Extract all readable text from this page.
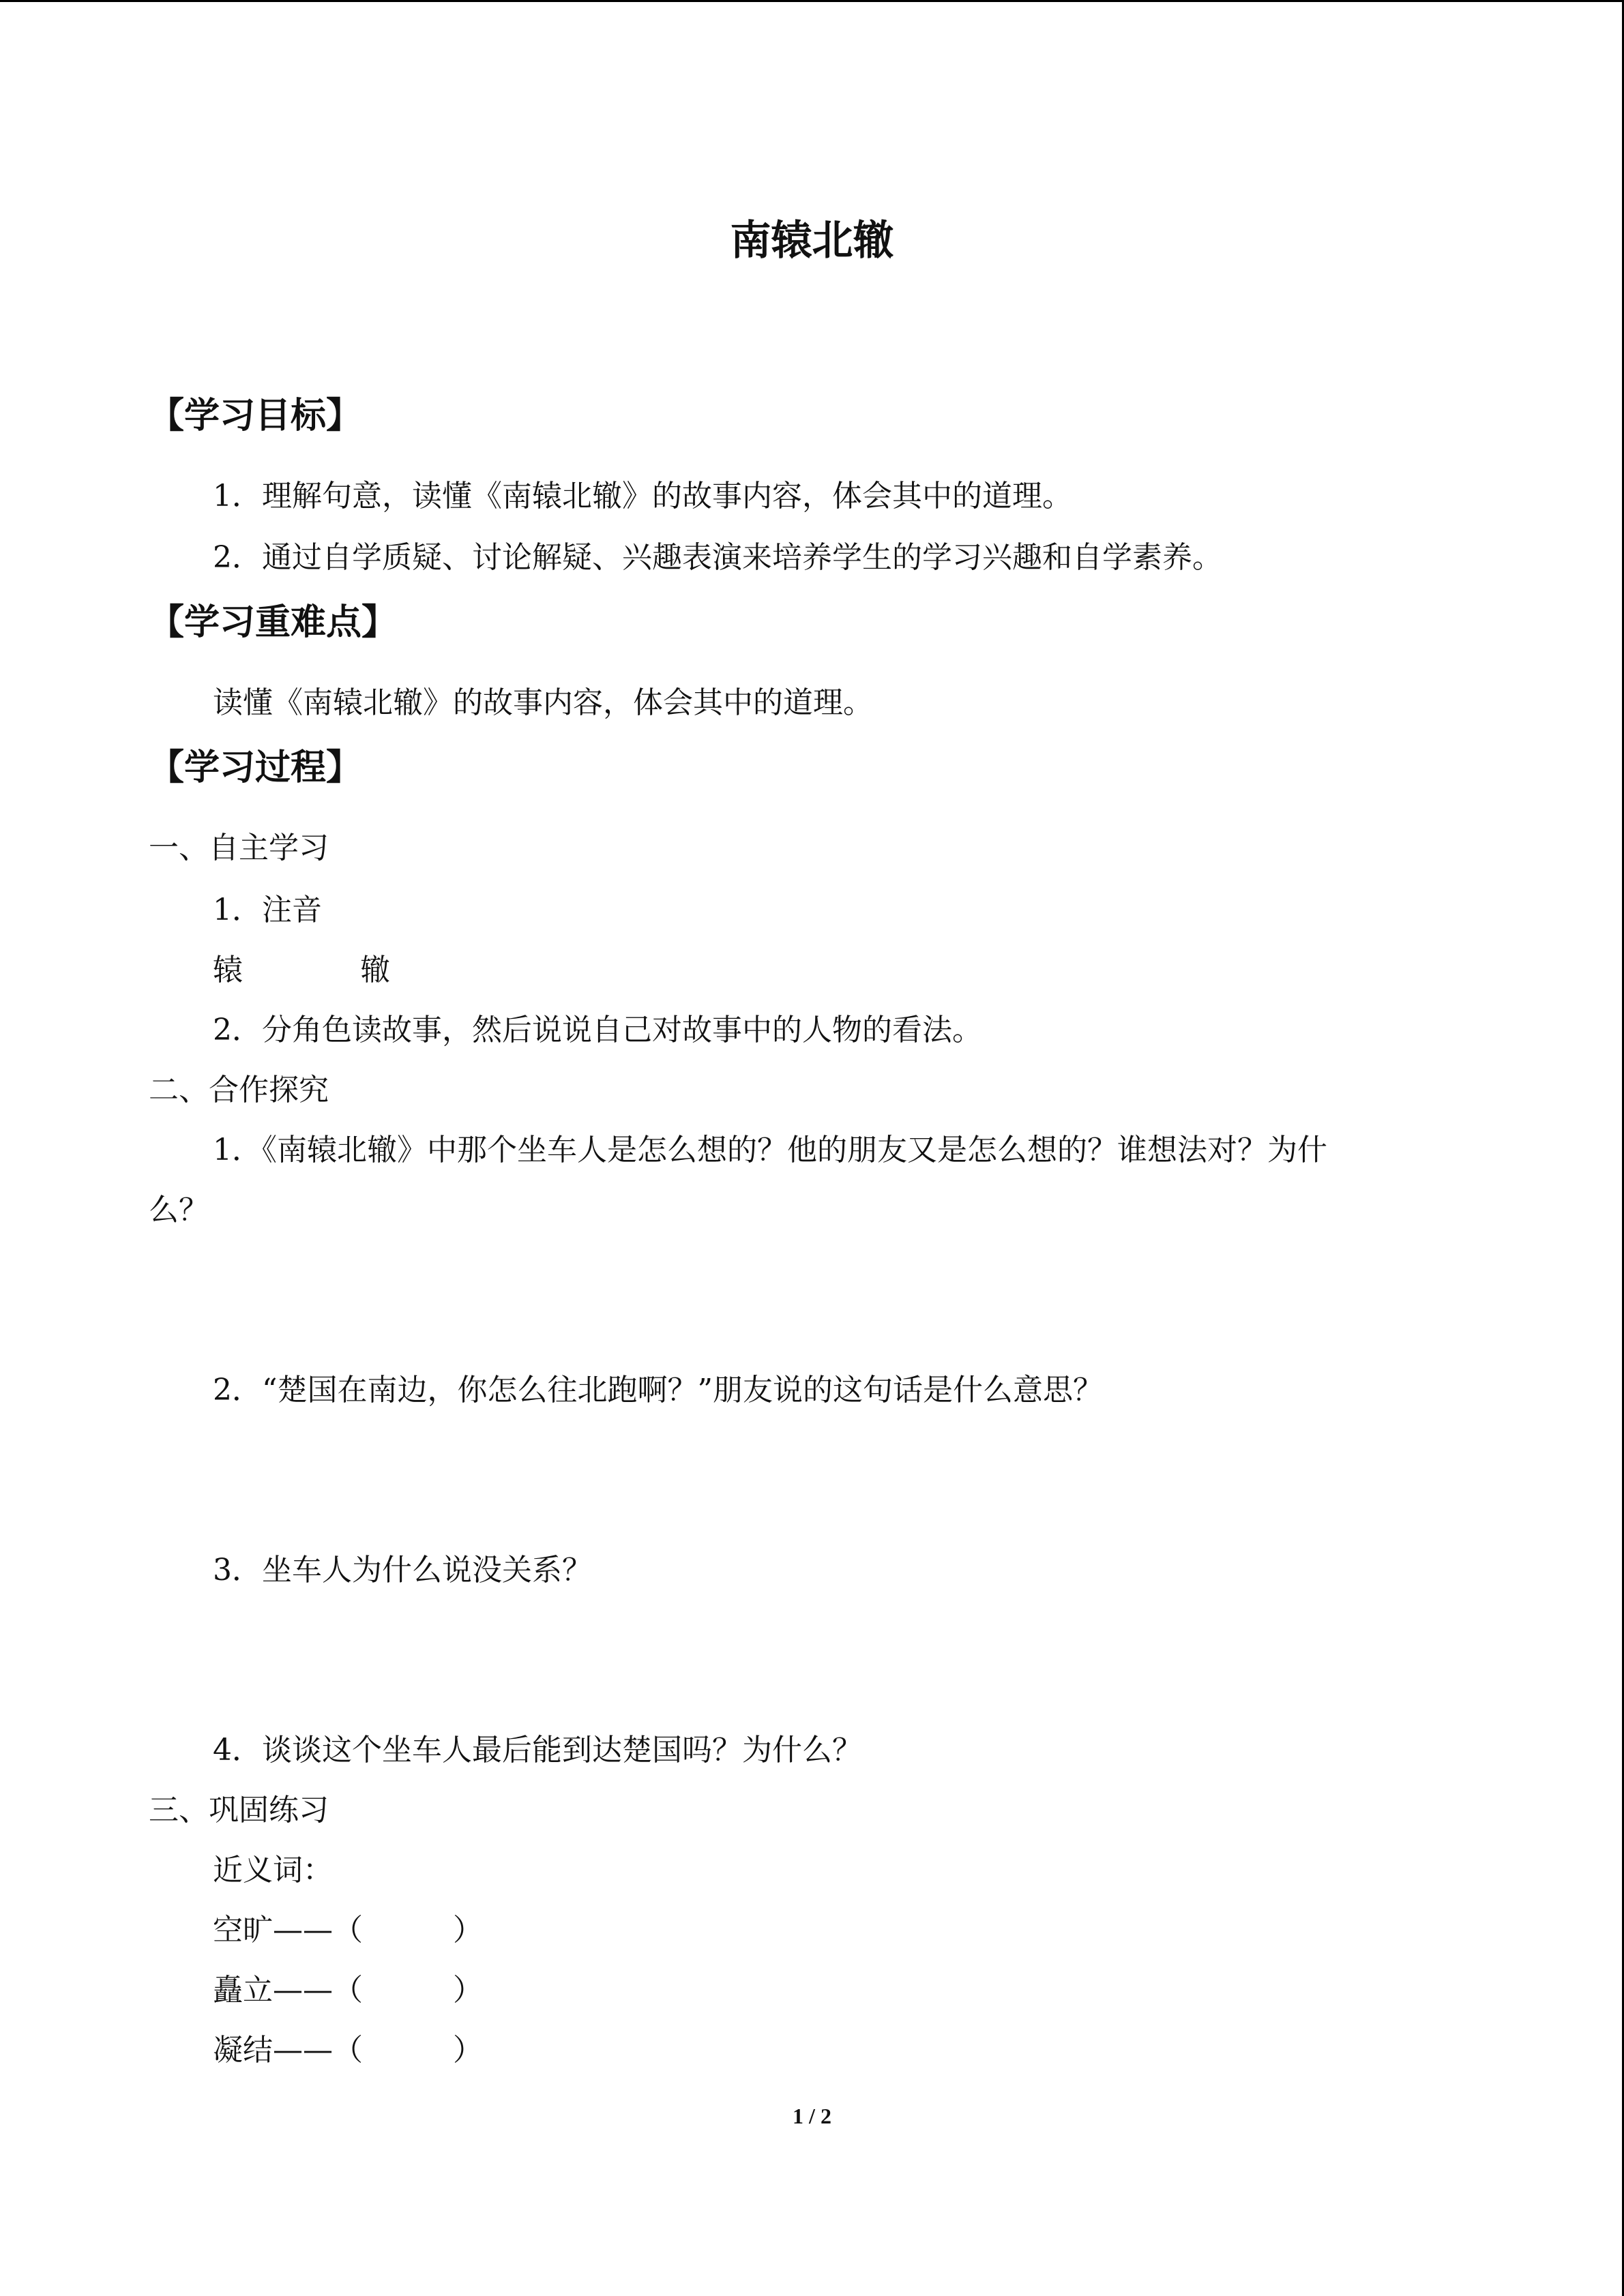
南辕北辙
【学习目标】
1．理解句意，读懂《南辕北辙》的故事内容，体会其中的道理。
2．通过自学质疑、讨论解疑、兴趣表演来培养学生的学习兴趣和自学素养。
【学习重难点】
读懂《南辕北辙》的故事内容，体会其中的道理。
【学习过程】
一、自主学习
1．注音
辕	辙
2．分角色读故事，然后说说自己对故事中的人物的看法。
二、合作探究
1．《南辕北辙》中那个坐车人是怎么想的？他的朋友又是怎么想的？谁想法对？为什
么？
2．“楚国在南边，你怎么往北跑啊？”朋友说的这句话是什么意思？
3．坐车人为什么说没关系？
4．谈谈这个坐车人最后能到达楚国吗？为什么？
三、巩固练习
近义词：
空旷——（　　　）
矗立——（　　　）
凝结——（　　　）
1 / 2
